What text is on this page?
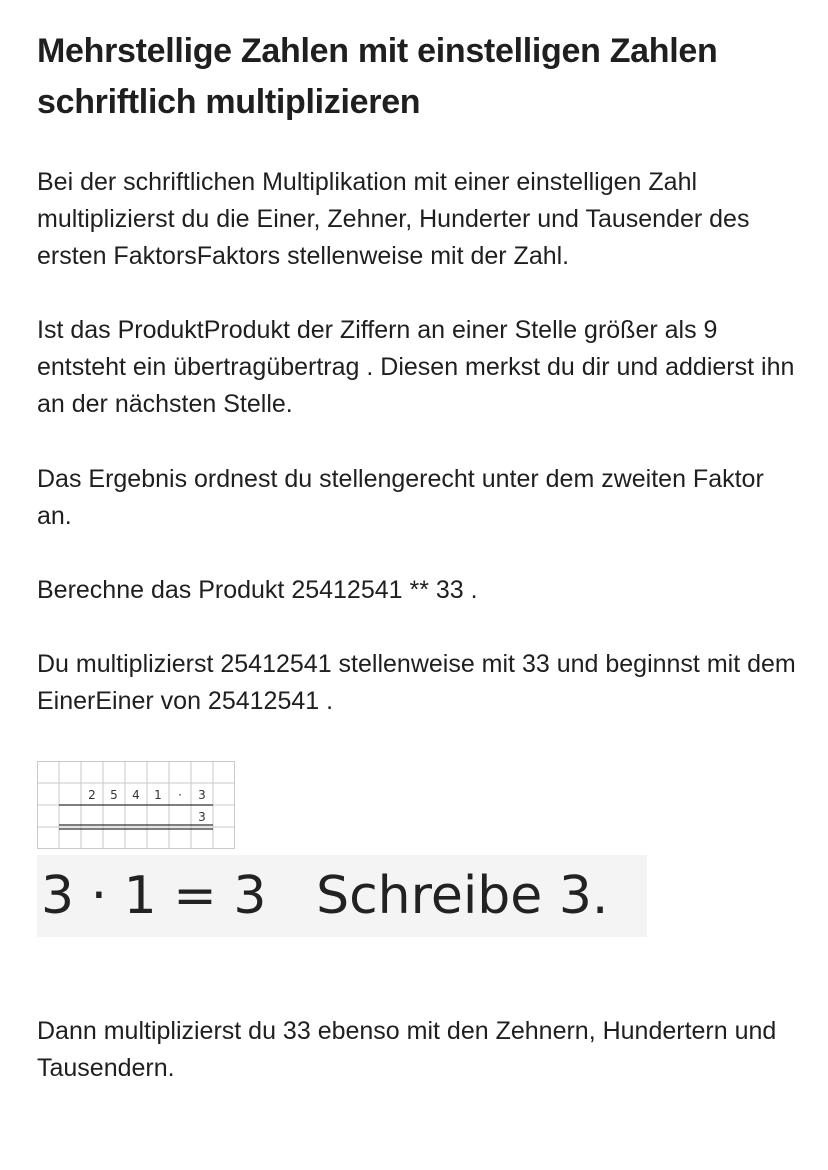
Mehrstellige Zahlen mit einstelligen Zahlen schriftlich multiplizieren

Bei der schriftlichen Multiplikation mit einer einstelligen Zahl multiplizierst du die Einer, Zehner, Hunderter und Tausender des ersten FaktorsFaktors stellenweise mit der Zahl.

Ist das ProduktProdukt der Ziffern an einer Stelle größer als 9 entsteht ein übertragübertrag . Diesen merkst du dir und addierst ihn an der nächsten Stelle.

Das Ergebnis ordnest du stellengerecht unter dem zweiten Faktor an.

Berechne das Produkt 25412541 ** 33 .

Du multiplizierst 25412541 stellenweise mit 33 und beginnst mit dem EinerEiner von 25412541 .

2 5 4 1 · 3
3
3 · 1 = 3 Schreibe 3.

Dann multiplizierst du 33 ebenso mit den Zehnern, Hundertern und Tausendern.
